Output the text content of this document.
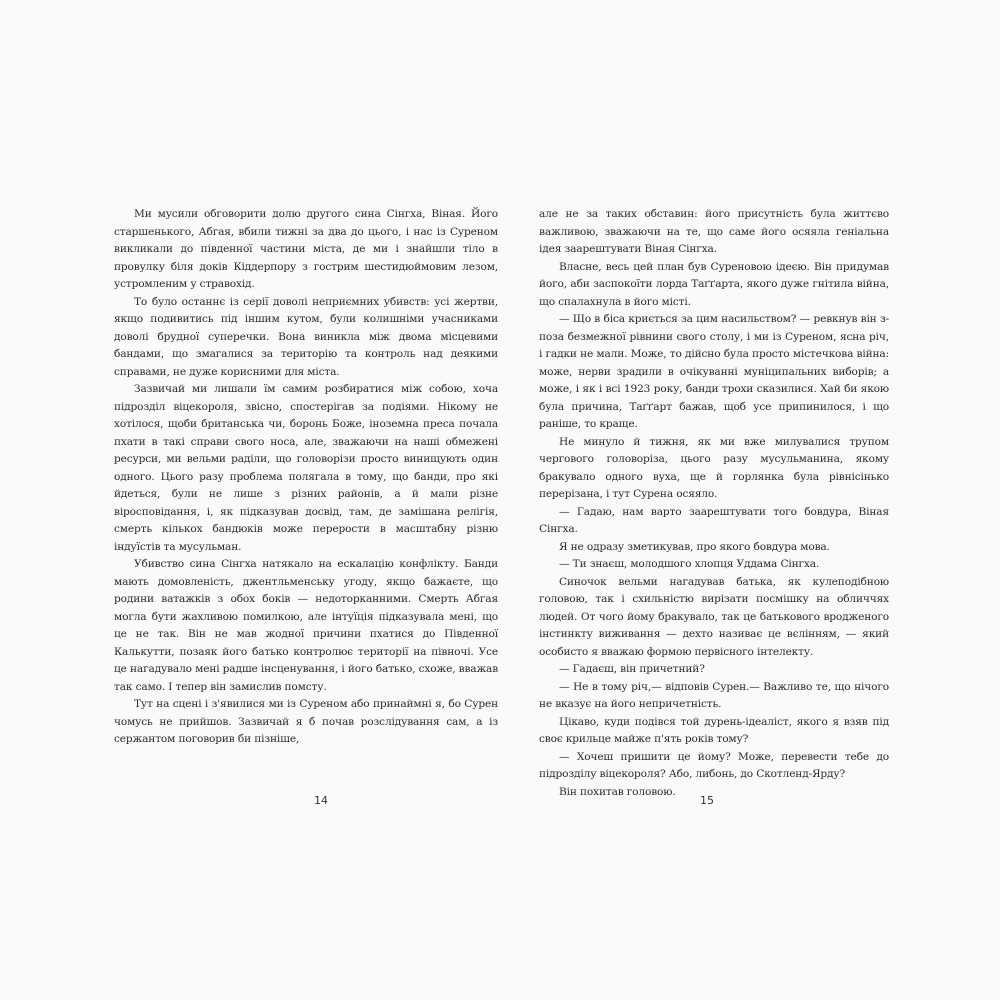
Ми мусили обговорити долю другого сина Сінгха, Віная. Його старшенького, Абгая, вбили тижні за два до цього, і нас із Суреном викликали до південної частини міста, де ми і знайшли тіло в провулку біля доків Кіддерпору з гострим шестидюймовим лезом, устромленим у стравохід.

То було останнє із серії доволі неприємних убивств: усі жертви, якщо подивитись під іншим кутом, були колишніми учасниками доволі брудної суперечки. Вона виникла між двома місцевими бандами, що змагалися за територію та контроль над деякими справами, не дуже корисними для міста.

Зазвичай ми лишали їм самим розбиратися між собою, хоча підрозділ віцекороля, звісно, спостерігав за подіями. Нікому не хотілося, щоби британська чи, боронь Боже, іноземна преса почала пхати в такі справи свого носа, але, зважаючи на наші обмежені ресурси, ми вельми раділи, що головорізи просто винищують один одного. Цього разу проблема полягала в тому, що банди, про які йдеться, були не лише з різних районів, а й мали різне віросповідання, і, як підказував досвід, там, де замішана релігія, смерть кількох бандюків може перерости в масштабну різню індуїстів та мусульман.

Убивство сина Сінгха натякало на ескалацію конфлікту. Банди мають домовленість, джентльменську угоду, якщо бажаєте, що родини ватажків з обох боків — недоторканними. Смерть Абгая могла бути жахливою помилкою, але інтуїція підказувала мені, що це не так. Він не мав жодної причини пхатися до Південної Калькутти, позаяк його батько контролює території на півночі. Усе це нагадувало мені радше інсценування, і його батько, схоже, вважав так само. І тепер він замислив помсту.

Тут на сцені і з'явилися ми із Суреном або принаймні я, бо Сурен чомусь не прийшов. Зазвичай я б почав розслідування сам, а із сержантом поговорив би пізніше,

14

але не за таких обставин: його присутність була життєво важливою, зважаючи на те, що саме його осяяла геніальна ідея заарештувати Віная Сінгха.

Власне, весь цей план був Суреновою ідеєю. Він придумав його, аби заспокоїти лорда Таґґарта, якого дуже гнітила війна, що спалахнула в його місті.

— Що в біса криється за цим насильством? — ревкнув він з-поза безмежної рівнини свого столу, і ми із Суреном, ясна річ, і гадки не мали. Може, то дійсно була просто містечкова війна: може, нерви зрадили в очікуванні муніципальних виборів; а може, і як і всі 1923 року, банди трохи сказилися. Хай би якою була причина, Таґґарт бажав, щоб усе припинилося, і що раніше, то краще.

Не минуло й тижня, як ми вже милувалися трупом чергового головоріза, цього разу мусульманина, якому бракувало одного вуха, ще й горлянка була рівнісінько перерізана, і тут Сурена осяяло.

— Гадаю, нам варто заарештувати того бовдура, Віная Сінгха.

Я не одразу зметикував, про якого бовдура мова.

— Ти знаєш, молодшого хлопця Уддама Сінгха.

Синочок вельми нагадував батька, як кулеподібною головою, так і схильністю вирізати посмішку на обличчях людей. От чого йому бракувало, так це батькового вродженого інстинкту виживання — дехто називає це вєлінням, — який особисто я вважаю формою первісного інтелекту.

— Гадаєш, він причетний?

— Не в тому річ,— відповів Сурен.— Важливо те, що нічого не вказує на його непричетність.

Цікаво, куди подівся той дурень-ідеаліст, якого я взяв під своє крильце майже п'ять років тому?

— Хочеш пришити це йому? Може, перевести тебе до підрозділу віцекороля? Або, либонь, до Скотленд-Ярду?

Він похитав головою.

15
